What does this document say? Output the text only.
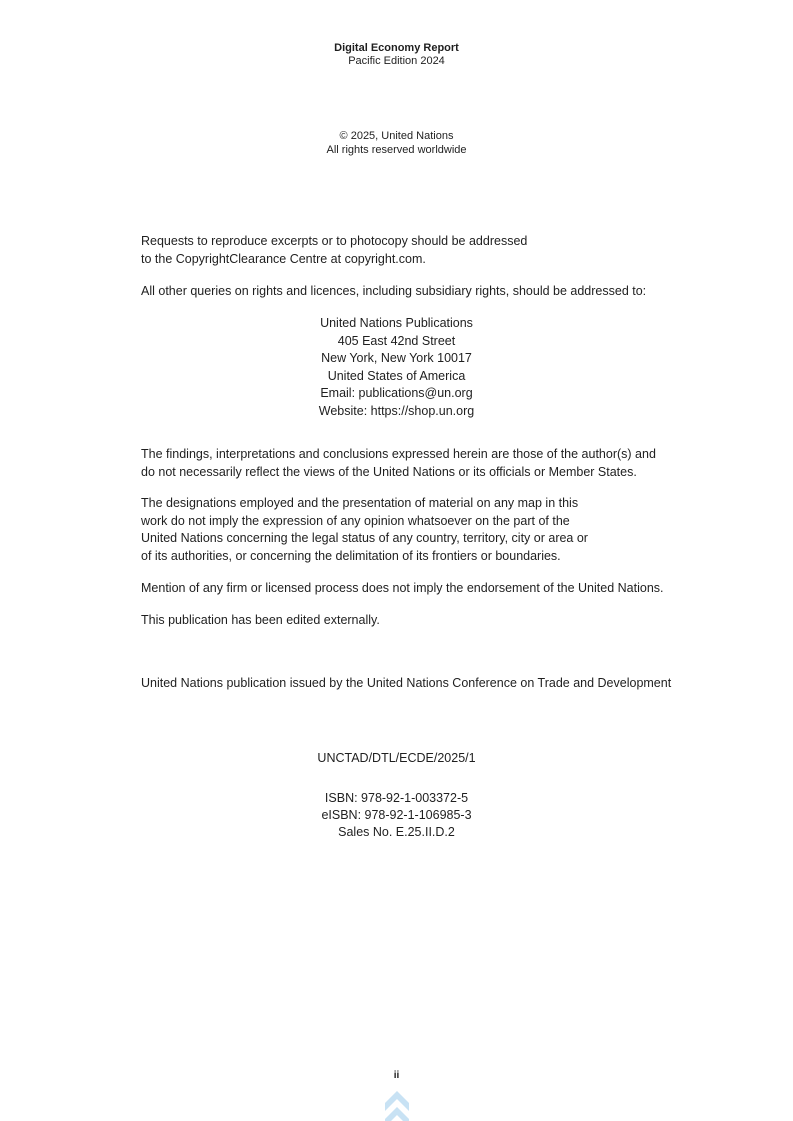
Digital Economy Report
Pacific Edition 2024
© 2025, United Nations
All rights reserved worldwide
Requests to reproduce excerpts or to photocopy should be addressed
to the CopyrightClearance Centre at copyright.com.
All other queries on rights and licences, including subsidiary rights, should be addressed to:
United Nations Publications
405 East 42nd Street
New York, New York 10017
United States of America
Email: publications@un.org
Website: https://shop.un.org
The findings, interpretations and conclusions expressed herein are those of the author(s) and
do not necessarily reflect the views of the United Nations or its officials or Member States.
The designations employed and the presentation of material on any map in this
work do not imply the expression of any opinion whatsoever on the part of the
United Nations concerning the legal status of any country, territory, city or area or
of its authorities, or concerning the delimitation of its frontiers or boundaries.
Mention of any firm or licensed process does not imply the endorsement of the United Nations.
This publication has been edited externally.
United Nations publication issued by the United Nations Conference on Trade and Development
UNCTAD/DTL/ECDE/2025/1
ISBN: 978-92-1-003372-5
eISBN: 978-92-1-106985-3
Sales No. E.25.II.D.2
ii
